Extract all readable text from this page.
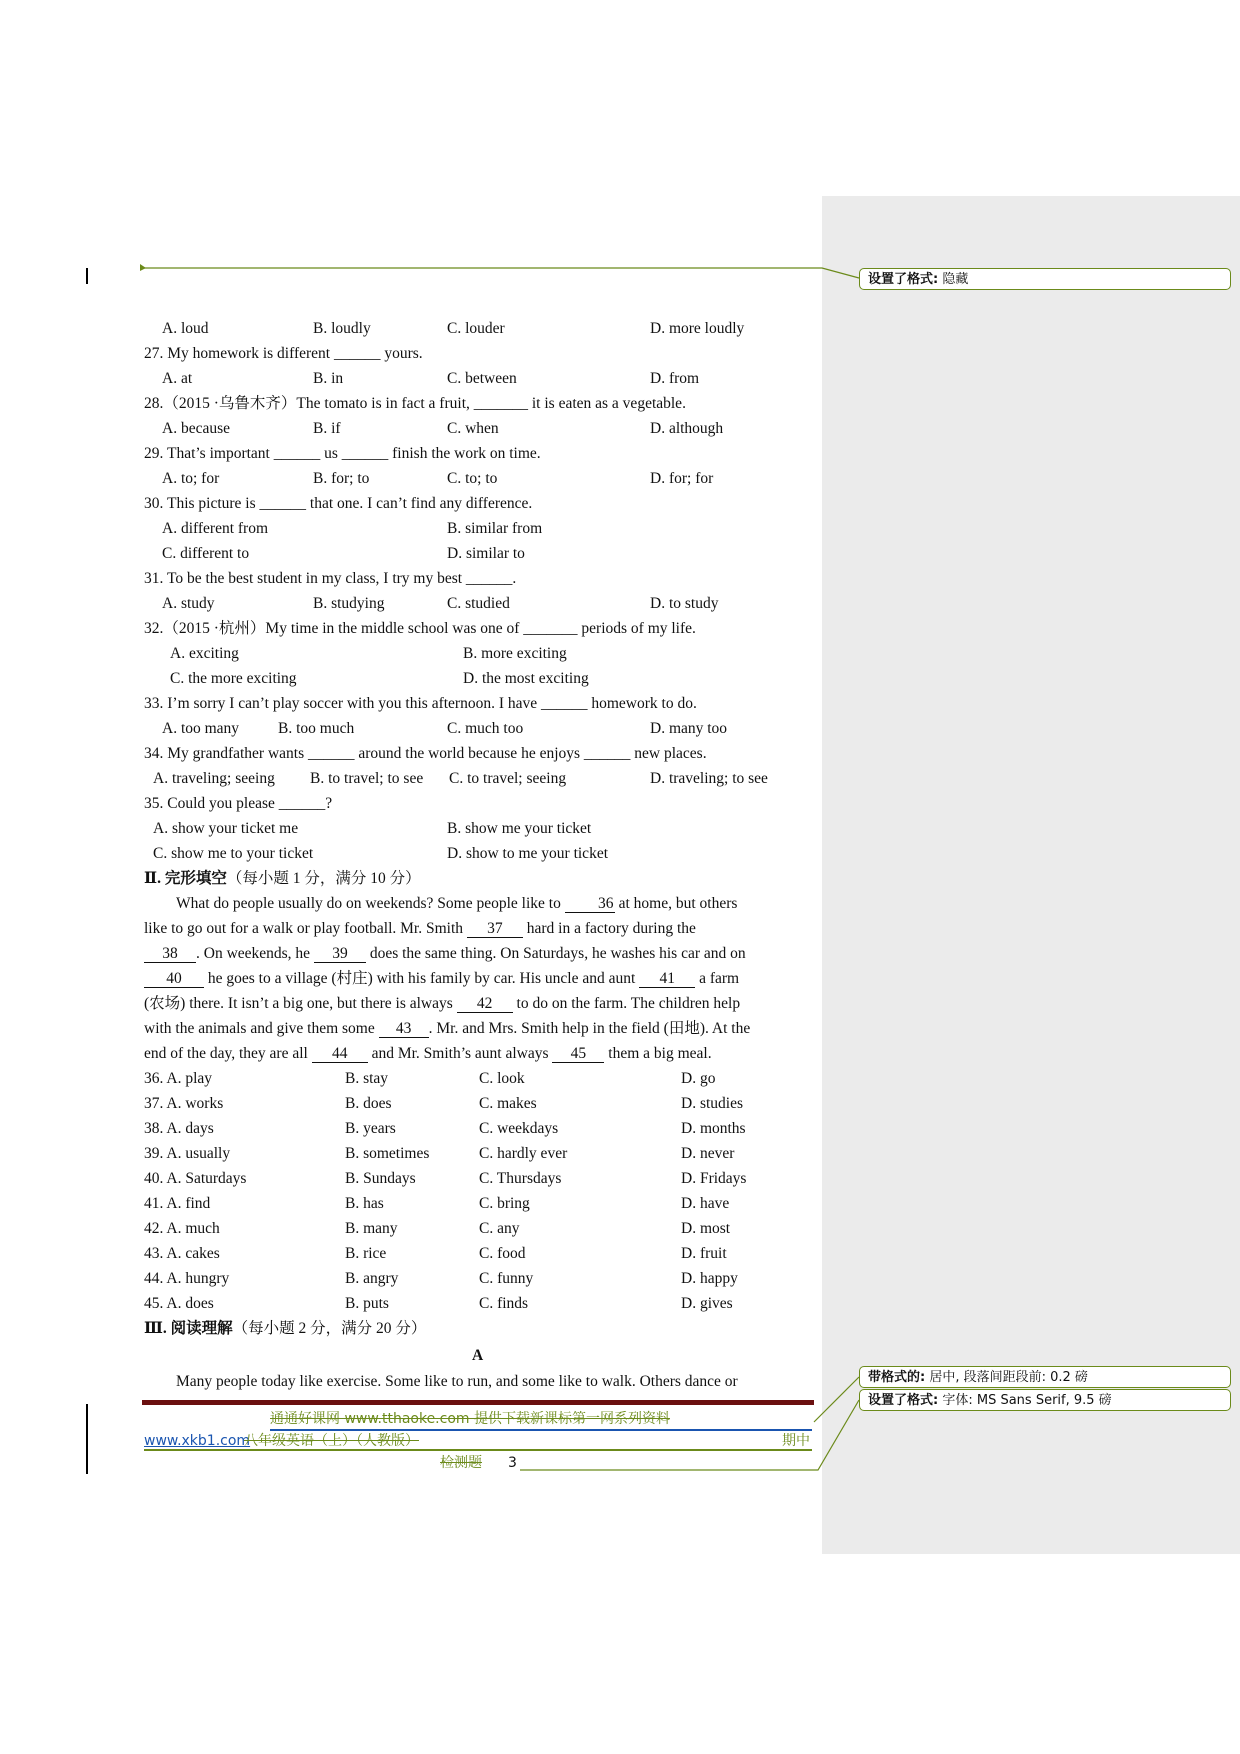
设置了格式: 隐藏
带格式的: 居中, 段落间距段前: 0.2 磅
设置了格式: 字体: MS Sans Serif, 9.5 磅
A. loud	B. loudly	C. louder	D. more loudly
27. My homework is different ______ yours.
A. at	B. in	C. between	D. from
28.（2015 ·乌鲁木齐）The tomato is in fact a fruit, _______ it is eaten as a vegetable.
A. because	B. if	C. when	D. although
29. That’s important ______ us ______ finish the work on time.
A. to; for	B. for; to	C. to; to	D. for; for
30. This picture is ______ that one. I can’t find any difference.
A. different from	B. similar from
C. different to	D. similar to
31. To be the best student in my class, I try my best ______.
A. study	B. studying	C. studied	D. to study
32.（2015 ·杭州）My time in the middle school was one of _______ periods of my life.
A. exciting	B. more exciting
C. the more exciting	D. the most exciting
33. I’m sorry I can’t play soccer with you this afternoon. I have ______ homework to do.
A. too many	B. too much	C. much too	D. many too
34. My grandfather wants ______ around the world because he enjoys ______ new places.
A. traveling; seeing B. to travel; to see C. to travel; seeing	D. traveling; to see
35. Could you please ______?
A. show your ticket me	B. show me your ticket
C. show me to your ticket	D. show to me your ticket
Ⅱ. 完形填空（每小题 1 分，满分 10 分）
What do people usually do on weekends? Some people like to 36 at home, but others
like to go out for a walk or play football. Mr. Smith 37 hard in a factory during the
38 . On weekends, he 39 does the same thing. On Saturdays, he washes his car and on
40 he goes to a village (村庄) with his family by car. His uncle and aunt 41 a farm
(农场) there. It isn’t a big one, but there is always 42 to do on the farm. The children help
with the animals and give them some 43 . Mr. and Mrs. Smith help in the field (田地). At the
end of the day, they are all 44 and Mr. Smith’s aunt always 45 them a big meal.
36. A. play	B. stay	C. look	D. go
37. A. works	B. does	C. makes	D. studies
38. A. days	B. years	C. weekdays	D. months
39. A. usually	B. sometimes	C. hardly ever	D. never
40. A. Saturdays	B. Sundays	C. Thursdays	D. Fridays
41. A. find	B. has	C. bring	D. have
42. A. much	B. many	C. any	D. most
43. A. cakes	B. rice	C. food	D. fruit
44. A. hungry	B. angry	C. funny	D. happy
45. A. does	B. puts	C. finds	D. gives
Ⅲ. 阅读理解（每小题 2 分，满分 20 分）
A
Many people today like exercise. Some like to run, and some like to walk. Others dance or
通通好课网 www.tthaoke.com 提供下载新课标第一网系列资料
www.xkb1.com
八年级英语（上）（人教版）	期中
检测题 3
